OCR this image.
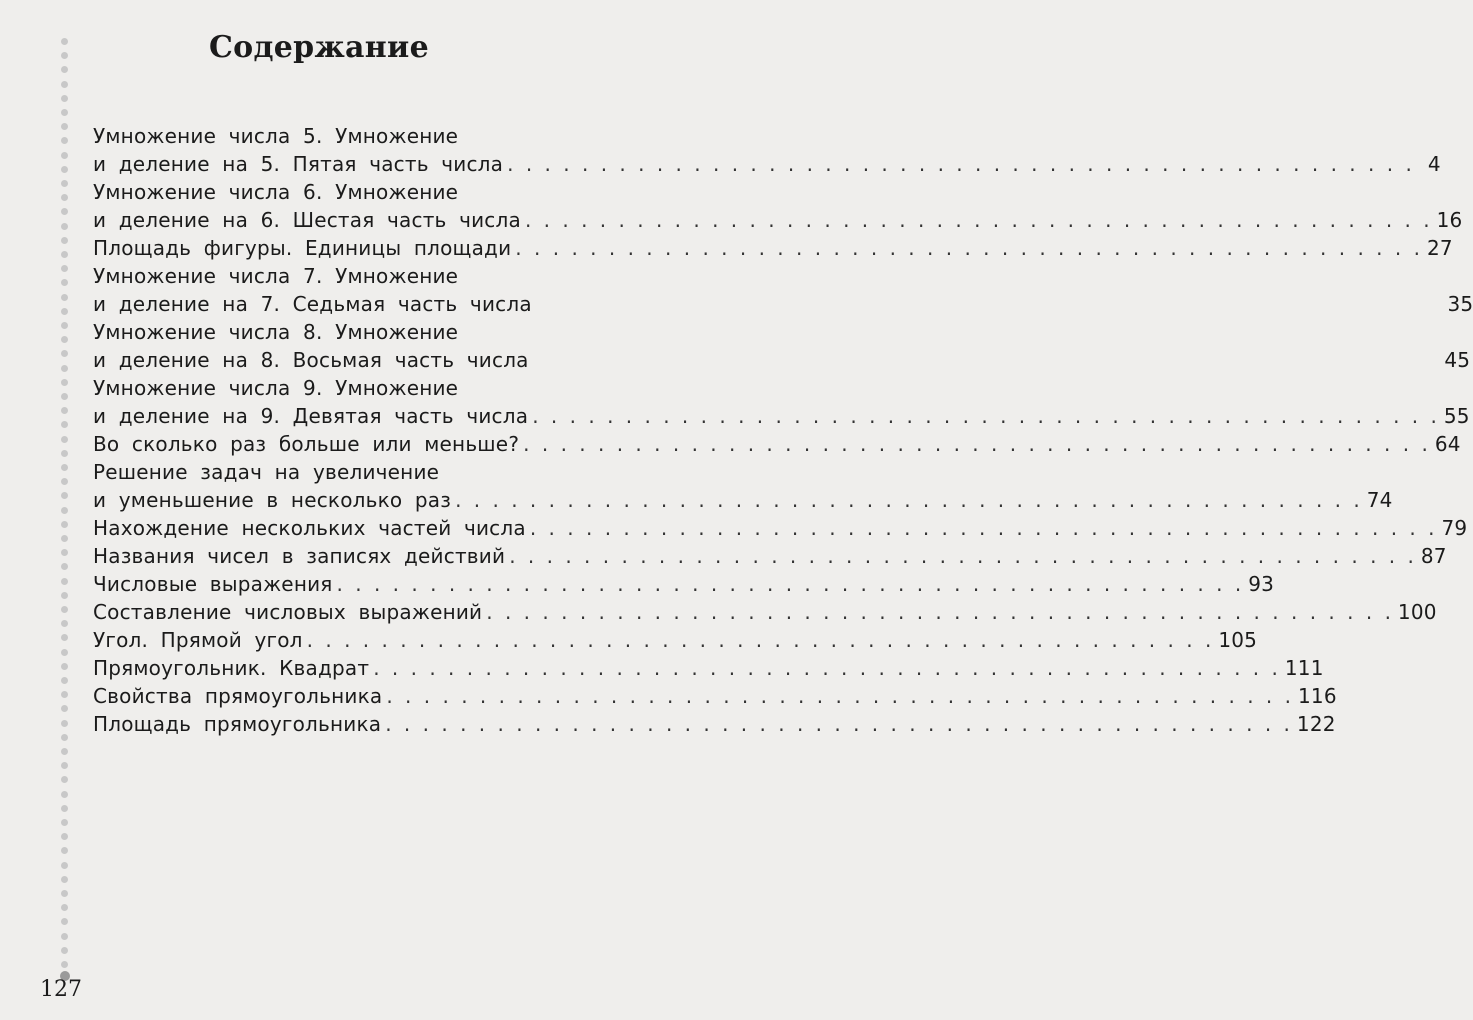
Содержание
Умножение числа 5. Умножение
и деление на 5. Пятая часть числа . . . . . . . . . . . . . . . . . . . . . . . . . . . . . . . . . . . . . . . . . . . . . . . . . 4
Умножение числа 6. Умножение
и деление на 6. Шестая часть числа . . . . . . . . . . . . . . . . . . . . . . . . . . . . . . . . . . . . . . . . . . . . . . . . . 16
Площадь фигуры. Единицы площади . . . . . . . . . . . . . . . . . . . . . . . . . . . . . . . . . . . . . . . . . . . . . . . . . 27
Умножение числа 7. Умножение
и деление на 7. Седьмая часть числа	35
Умножение числа 8. Умножение
и деление на 8. Восьмая часть числа	45
Умножение числа 9. Умножение
и деление на 9. Девятая часть числа . . . . . . . . . . . . . . . . . . . . . . . . . . . . . . . . . . . . . . . . . . . . . . . . . 55
Во сколько раз больше или меньше? . . . . . . . . . . . . . . . . . . . . . . . . . . . . . . . . . . . . . . . . . . . . . . . . . 64
Решение задач на увеличение
и уменьшение в несколько раз . . . . . . . . . . . . . . . . . . . . . . . . . . . . . . . . . . . . . . . . . . . . . . . . . 74
Нахождение нескольких частей числа . . . . . . . . . . . . . . . . . . . . . . . . . . . . . . . . . . . . . . . . . . . . . . . . . 79
Названия чисел в записях действий . . . . . . . . . . . . . . . . . . . . . . . . . . . . . . . . . . . . . . . . . . . . . . . . . 87
Числовые выражения . . . . . . . . . . . . . . . . . . . . . . . . . . . . . . . . . . . . . . . . . . . . . . . . . 93
Составление числовых выражений . . . . . . . . . . . . . . . . . . . . . . . . . . . . . . . . . . . . . . . . . . . . . . . . . 100
Угол. Прямой угол . . . . . . . . . . . . . . . . . . . . . . . . . . . . . . . . . . . . . . . . . . . . . . . . . 105
Прямоугольник. Квадрат . . . . . . . . . . . . . . . . . . . . . . . . . . . . . . . . . . . . . . . . . . . . . . . . . 111
Свойства прямоугольника . . . . . . . . . . . . . . . . . . . . . . . . . . . . . . . . . . . . . . . . . . . . . . . . . 116
Площадь прямоугольника . . . . . . . . . . . . . . . . . . . . . . . . . . . . . . . . . . . . . . . . . . . . . . . . . 122
127
